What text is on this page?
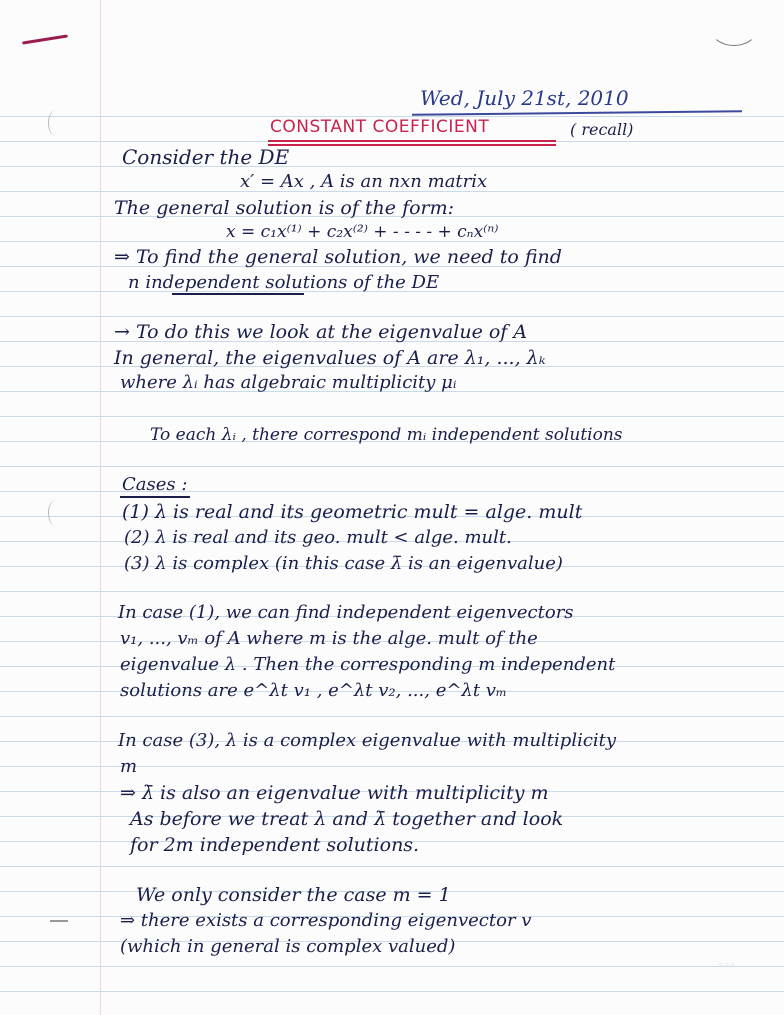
Wed, July 21st, 2010
CONSTANT COEFFICIENT	( recall)
Consider the DE
x′ = Ax , A is an nxn matrix
The general solution is of the form:
x = c₁x⁽¹⁾ + c₂x⁽²⁾ + - - - - + cₙx⁽ⁿ⁾
⇒ To find the general solution, we need to find
n independent solutions of the DE
→ To do this we look at the eigenvalue of A
In general, the eigenvalues of A are λ₁, ..., λₖ
where λᵢ has algebraic multiplicity μᵢ
To each λᵢ , there correspond mᵢ independent solutions
Cases :
(1) λ is real and its geometric mult = alge. mult
(2) λ is real and its geo. mult < alge. mult.
(3) λ is complex (in this case λ̄ is an eigenvalue)
In case (1), we can find independent eigenvectors
v₁, ..., vₘ of A where m is the alge. mult of the
eigenvalue λ . Then the corresponding m independent
solutions are e^λt v₁ , e^λt v₂, ..., e^λt vₘ
In case (3), λ is a complex eigenvalue with multiplicity
m
⇒ λ̄ is also an eigenvalue with multiplicity m
As before we treat λ and λ̄ together and look
for 2m independent solutions.
We only consider the case m = 1
⇒ there exists a corresponding eigenvector v
(which in general is complex valued)
◦◦◦
